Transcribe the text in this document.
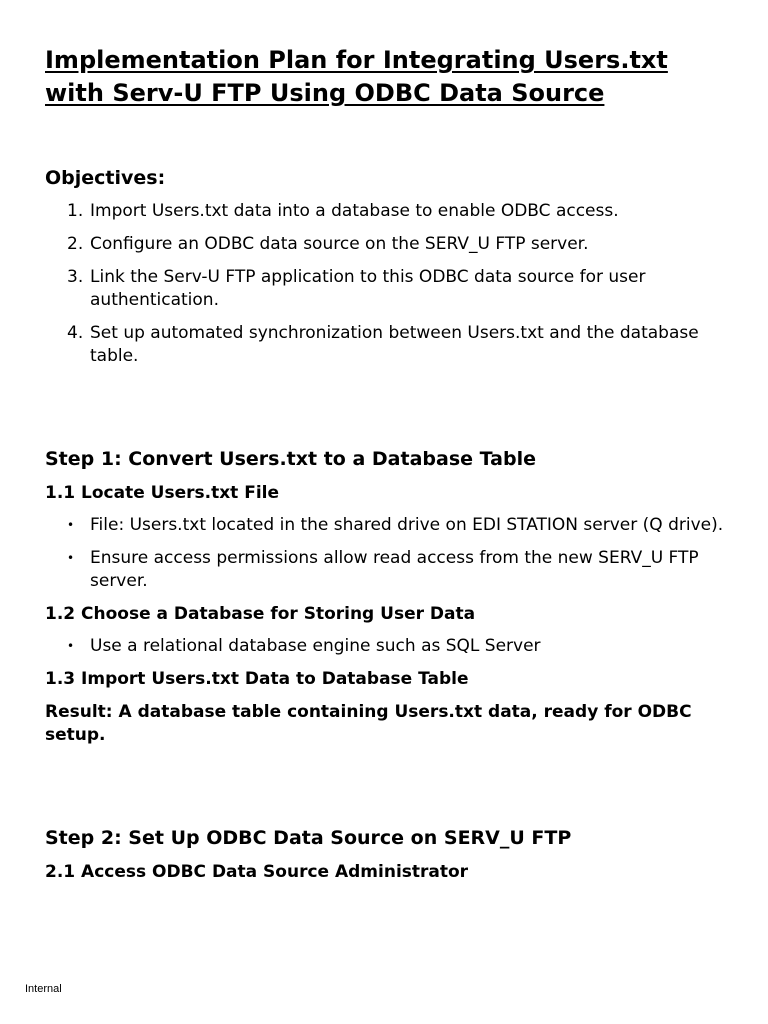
Implementation Plan for Integrating Users.txt
with Serv-U FTP Using ODBC Data Source
Objectives:
1. Import Users.txt data into a database to enable ODBC access.
2. Configure an ODBC data source on the SERV_U FTP server.
3. Link the Serv-U FTP application to this ODBC data source for user authentication.
4. Set up automated synchronization between Users.txt and the database table.
Step 1: Convert Users.txt to a Database Table
1.1 Locate Users.txt File
• File: Users.txt located in the shared drive on EDI STATION server (Q drive).
• Ensure access permissions allow read access from the new SERV_U FTP server.
1.2 Choose a Database for Storing User Data
• Use a relational database engine such as SQL Server
1.3 Import Users.txt Data to Database Table

Result: A database table containing Users.txt data, ready for ODBC setup.

Step 2: Set Up ODBC Data Source on SERV_U FTP
2.1 Access ODBC Data Source Administrator
Internal
